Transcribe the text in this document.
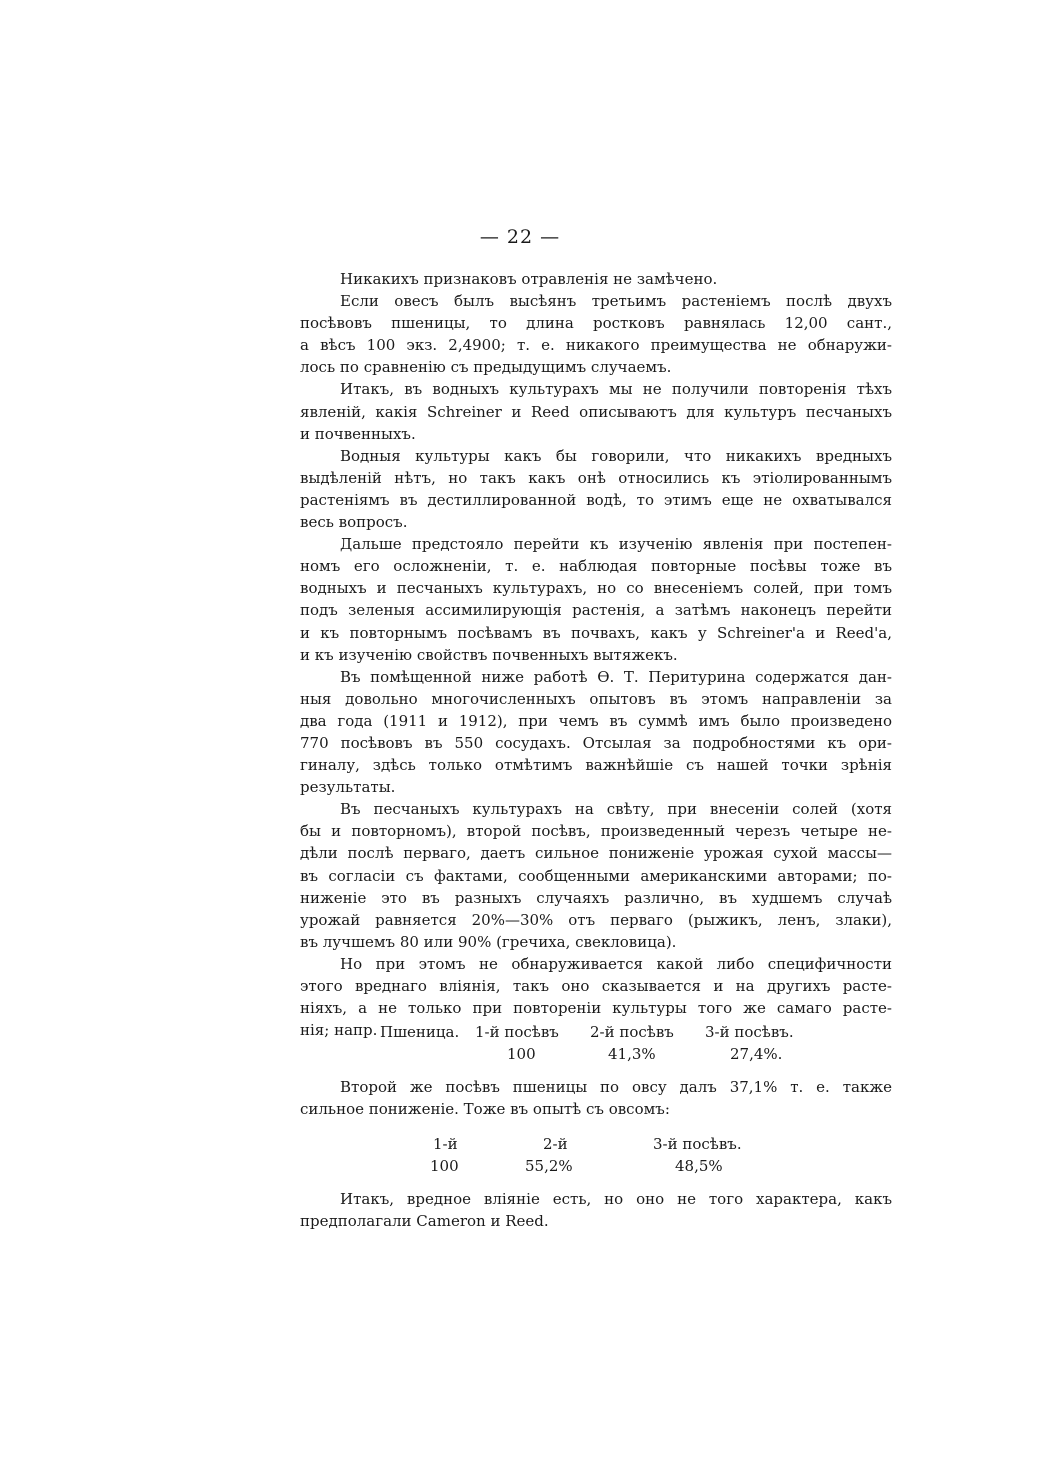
— 22 —
Никакихъ признаковъ отравленія не замѣчено.
Если овесъ былъ высѣянъ третьимъ растеніемъ послѣ двухъ
посѣвовъ пшеницы, то длина ростковъ равнялась 12,00 сант.,
а вѣсъ 100 экз. 2,4900; т. е. никакого преимущества не обнаружи-
лось по сравненію съ предыдущимъ случаемъ.
Итакъ, въ водныхъ культурахъ мы не получили повторенія тѣхъ
явленій, какія Schreiner и Reed описываютъ для культуръ песчаныхъ
и почвенныхъ.
Водныя культуры какъ бы говорили, что никакихъ вредныхъ
выдѣленій нѣтъ, но такъ какъ онѣ относились къ этіолированнымъ
растеніямъ въ дестиллированной водѣ, то этимъ еще не охватывался
весь вопросъ.
Дальше предстояло перейти къ изученію явленія при постепен-
номъ его осложненіи, т. е. наблюдая повторные посѣвы тоже въ
водныхъ и песчаныхъ культурахъ, но со внесеніемъ солей, при томъ
подъ зеленыя ассимилирующія растенія, а затѣмъ наконецъ перейти
и къ повторнымъ посѣвамъ въ почвахъ, какъ у Schreiner'a и Reed'a,
и къ изученію свойствъ почвенныхъ вытяжекъ.
Въ помѣщенной ниже работѣ Ѳ. Т. Перитурина содержатся дан-
ныя довольно многочисленныхъ опытовъ въ этомъ направленіи за
два года (1911 и 1912), при чемъ въ суммѣ имъ было произведено
770 посѣвовъ въ 550 сосудахъ. Отсылая за подробностями къ ори-
гиналу, здѣсь только отмѣтимъ важнѣйшіе съ нашей точки зрѣнія
результаты.
Въ песчаныхъ культурахъ на свѣту, при внесеніи солей (хотя
бы и повторномъ), второй посѣвъ, произведенный черезъ четыре не-
дѣли послѣ перваго, даетъ сильное пониженіе урожая сухой массы—
въ согласіи съ фактами, сообщенными американскими авторами; по-
ниженіе это въ разныхъ случаяхъ различно, въ худшемъ случаѣ
урожай равняется 20%—30% отъ перваго (рыжикъ, ленъ, злаки),
въ лучшемъ 80 или 90% (гречиха, свекловица).
Но при этомъ не обнаруживается какой либо специфичности
этого вреднаго вліянія, такъ оно сказывается и на другихъ расте-
ніяхъ, а не только при повтореніи культуры того же самаго расте-
нія; напр. Пшеница. 1-й посѣвъ 2-й посѣвъ 3-й посѣвъ.
100	41,3%	27,4%.
Второй же посѣвъ пшеницы по овсу далъ 37,1% т. е. также
сильное пониженіе. Тоже въ опытѣ съ овсомъ:
1-й	2-й	3-й посѣвъ.
100	55,2%	48,5%
Итакъ, вредное вліяніе есть, но оно не того характера, какъ
предполагали Cameron и Reed.
